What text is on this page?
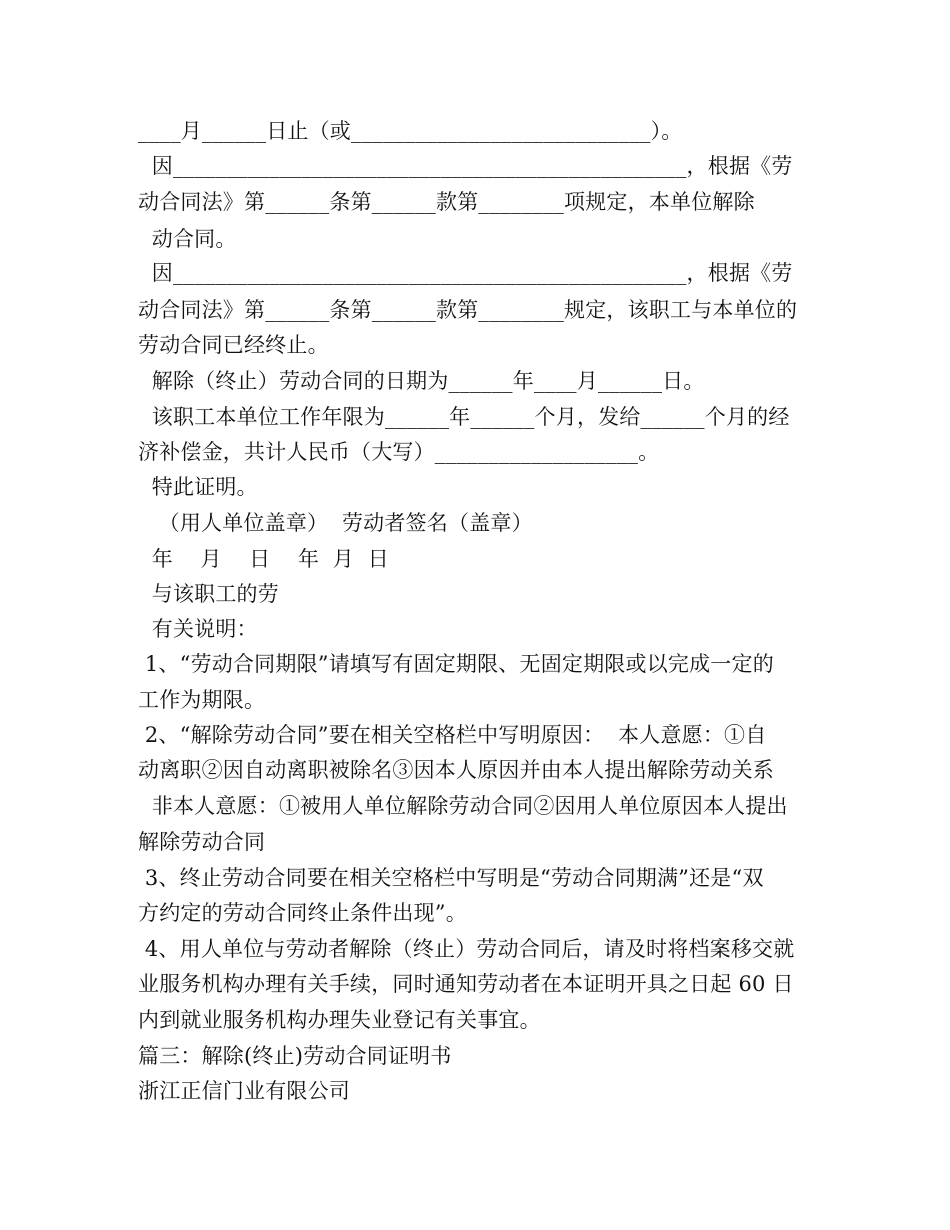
____月______日止（或____________________________）。
因________________________________________________，根据《劳
动合同法》第______条第______款第________项规定，本单位解除
动合同。
因________________________________________________，根据《劳
动合同法》第______条第______款第________规定，该职工与本单位的
劳动合同已经终止。
解除（终止）劳动合同的日期为______年____月______日。
该职工本单位工作年限为______年______个月，发给______个月的经
济补偿金，共计人民币（大写）___________________。
特此证明。
（用人单位盖章）  劳动者签名（盖章）
年    月    日    年  月  日
与该职工的劳
有关说明：
1、“劳动合同期限”请填写有固定期限、无固定期限或以完成一定的
工作为期限。
2、“解除劳动合同”要在相关空格栏中写明原因：  本人意愿：①自
动离职②因自动离职被除名③因本人原因并由本人提出解除劳动关系
非本人意愿：①被用人单位解除劳动合同②因用人单位原因本人提出
解除劳动合同
3、终止劳动合同要在相关空格栏中写明是“劳动合同期满”还是“双
方约定的劳动合同终止条件出现”。
4、用人单位与劳动者解除（终止）劳动合同后，请及时将档案移交就
业服务机构办理有关手续，同时通知劳动者在本证明开具之日起 60 日
内到就业服务机构办理失业登记有关事宜。
篇三：解除(终止)劳动合同证明书
浙江正信门业有限公司
